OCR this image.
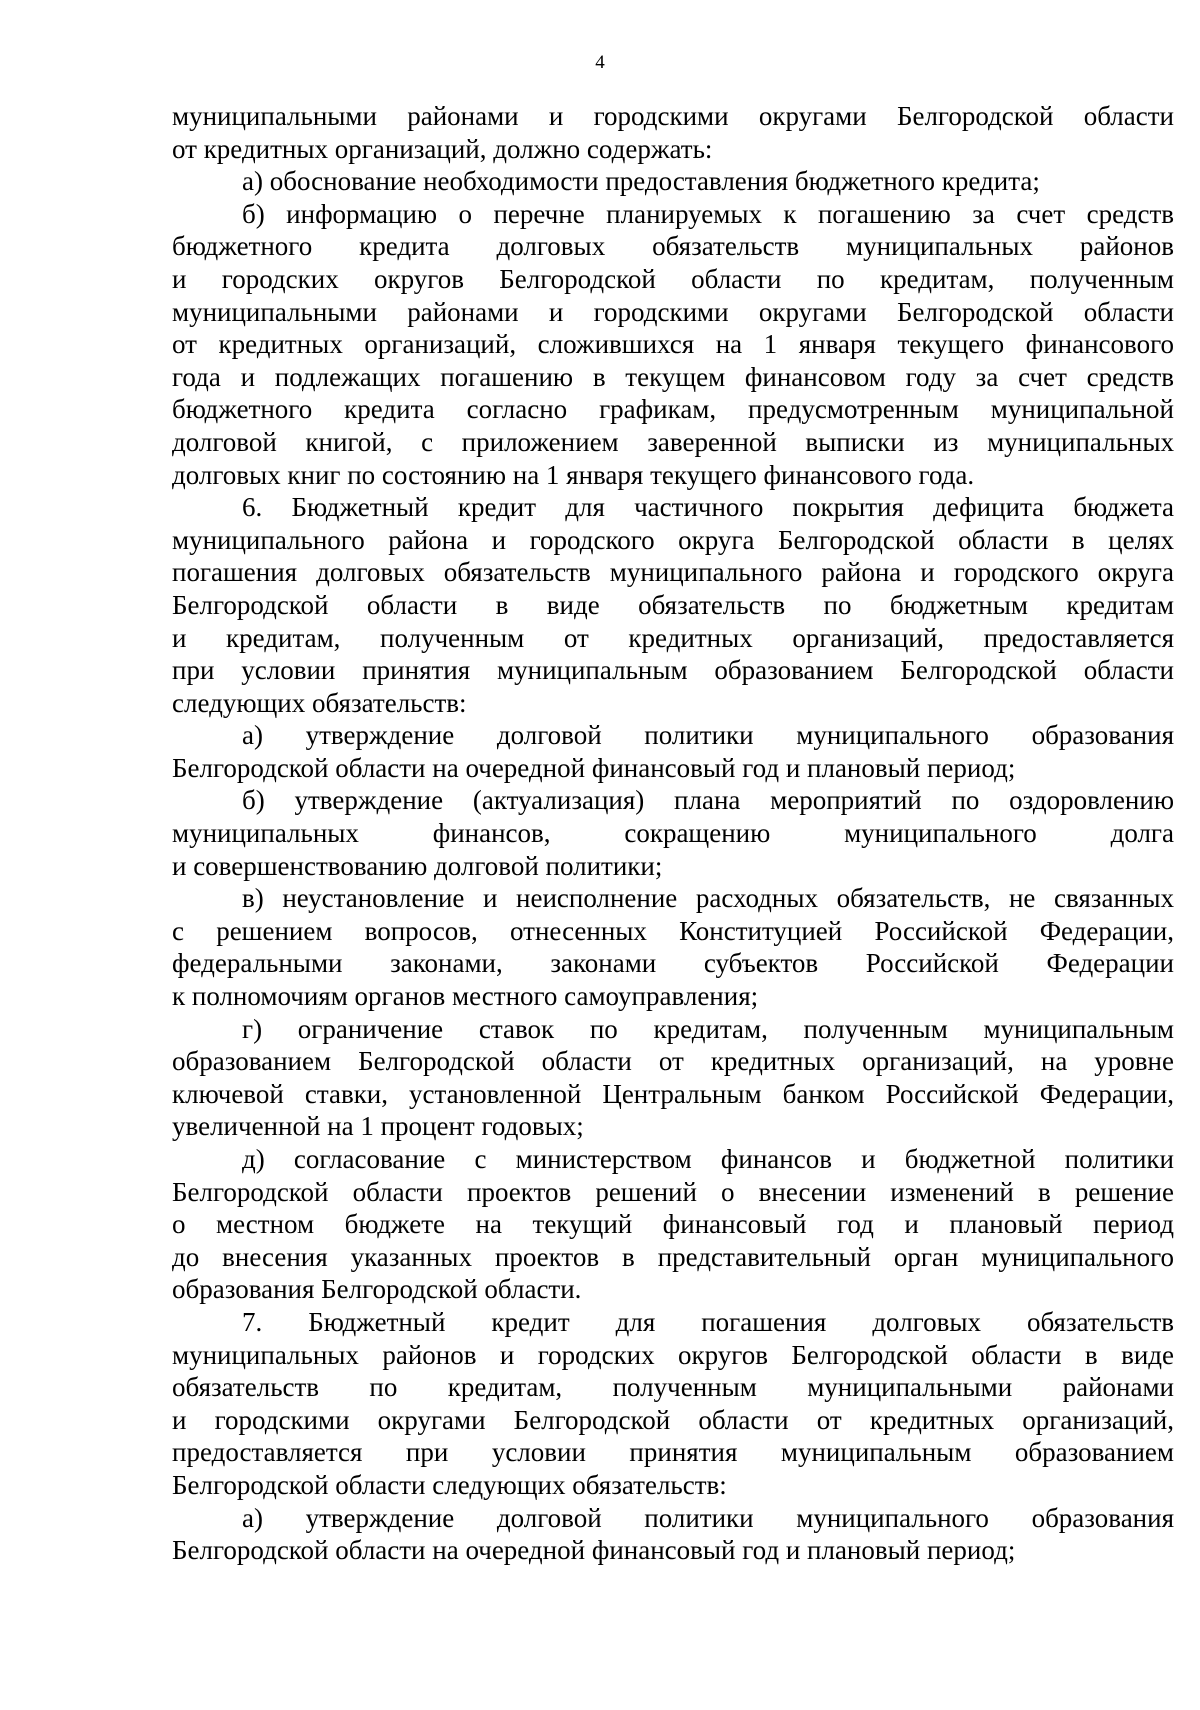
4
муниципальными районами и городскими округами Белгородской области
от кредитных организаций, должно содержать:
а) обоснование необходимости предоставления бюджетного кредита;
б) информацию о перечне планируемых к погашению за счет средств
бюджетного кредита долговых обязательств муниципальных районов
и городских округов Белгородской области по кредитам, полученным
муниципальными районами и городскими округами Белгородской области
от кредитных организаций, сложившихся на 1 января текущего финансового
года и подлежащих погашению в текущем финансовом году за счет средств
бюджетного кредита согласно графикам, предусмотренным муниципальной
долговой книгой, с приложением заверенной выписки из муниципальных
долговых книг по состоянию на 1 января текущего финансового года.
6. Бюджетный кредит для частичного покрытия дефицита бюджета
муниципального района и городского округа Белгородской области в целях
погашения долговых обязательств муниципального района и городского округа
Белгородской области в виде обязательств по бюджетным кредитам
и кредитам, полученным от кредитных организаций, предоставляется
при условии принятия муниципальным образованием Белгородской области
следующих обязательств:
а) утверждение долговой политики муниципального образования
Белгородской области на очередной финансовый год и плановый период;
б) утверждение (актуализация) плана мероприятий по оздоровлению
муниципальных финансов, сокращению муниципального долга
и совершенствованию долговой политики;
в) неустановление и неисполнение расходных обязательств, не связанных
с решением вопросов, отнесенных Конституцией Российской Федерации,
федеральными законами, законами субъектов Российской Федерации
к полномочиям органов местного самоуправления;
г) ограничение ставок по кредитам, полученным муниципальным
образованием Белгородской области от кредитных организаций, на уровне
ключевой ставки, установленной Центральным банком Российской Федерации,
увеличенной на 1 процент годовых;
д) согласование с министерством финансов и бюджетной политики
Белгородской области проектов решений о внесении изменений в решение
о местном бюджете на текущий финансовый год и плановый период
до внесения указанных проектов в представительный орган муниципального
образования Белгородской области.
7. Бюджетный кредит для погашения долговых обязательств
муниципальных районов и городских округов Белгородской области в виде
обязательств по кредитам, полученным муниципальными районами
и городскими округами Белгородской области от кредитных организаций,
предоставляется при условии принятия муниципальным образованием
Белгородской области следующих обязательств:
а) утверждение долговой политики муниципального образования
Белгородской области на очередной финансовый год и плановый период;
